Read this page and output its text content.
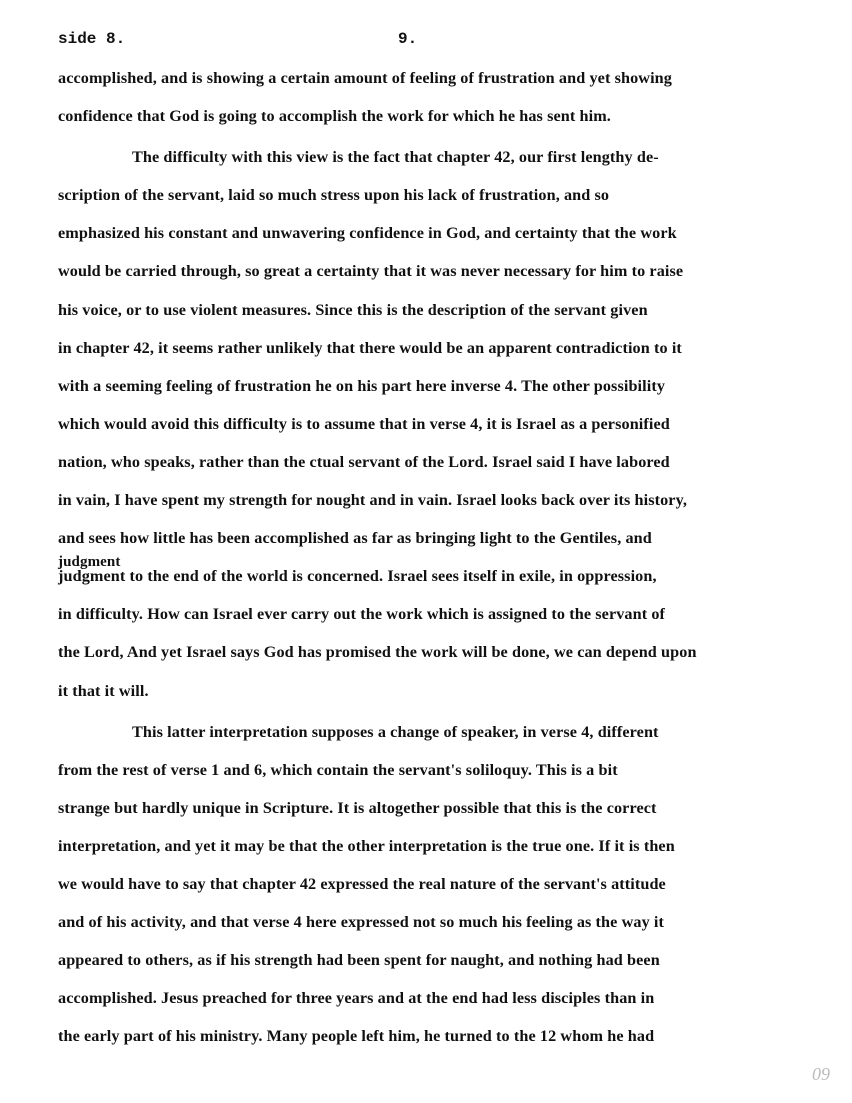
side 8.	9.
accomplished, and is showing a certain amount of feeling of frustration and yet showing
confidence that God is going to accomplish the work for which he has sent him.
The difficulty with this view is the fact that chapter 42, our first lengthy de-
scription of the servant, laid so much stress upon his lack of frustration, and so
emphasized his constant and unwavering confidence in God, and certainty that the work
would be carried through, so great a certainty that it was never necessary for him to raise
his voice, or to use violent measures. Since this is the description of the servant given
in chapter 42, it seems rather unlikely that there would be an apparent contradiction to it
with a seeming feeling of frustration he on his part here inverse 4. The other possibility
which would avoid this difficulty is to assume that in verse 4, it is Israel as a personified
nation, who speaks, rather than the ctual servant of the Lord. Israel said I have labored
in vain, I have spent my strength for nought and in vain. Israel looks back over its history,
and sees how little has been accomplished as far as bringing light to the Gentiles, and
judgment
judgment to the end of the world is concerned. Israel sees itself in exile, in oppression,
in difficulty. How can Israel ever carry out the work which is assigned to the servant of
the Lord, And yet Israel says God has promised the work will be done, we can depend upon
it that it will.
This latter interpretation supposes a change of speaker, in verse 4, different
from the rest of verse 1 and 6, which contain the servant's soliloquy. This is a bit
strange but hardly unique in Scripture. It is altogether possible that this is the correct
interpretation, and yet it may be that the other interpretation is the true one. If it is then
we would have to say that chapter 42 expressed the real nature of the servant's attitude
and of his activity, and that verse 4 here expressed not so much his feeling as the way it
appeared to others, as if his strength had been spent for naught, and nothing had been
accomplished. Jesus preached for three years and at the end had less disciples than in
the early part of his ministry. Many people left him, he turned to the 12 whom he had
09
